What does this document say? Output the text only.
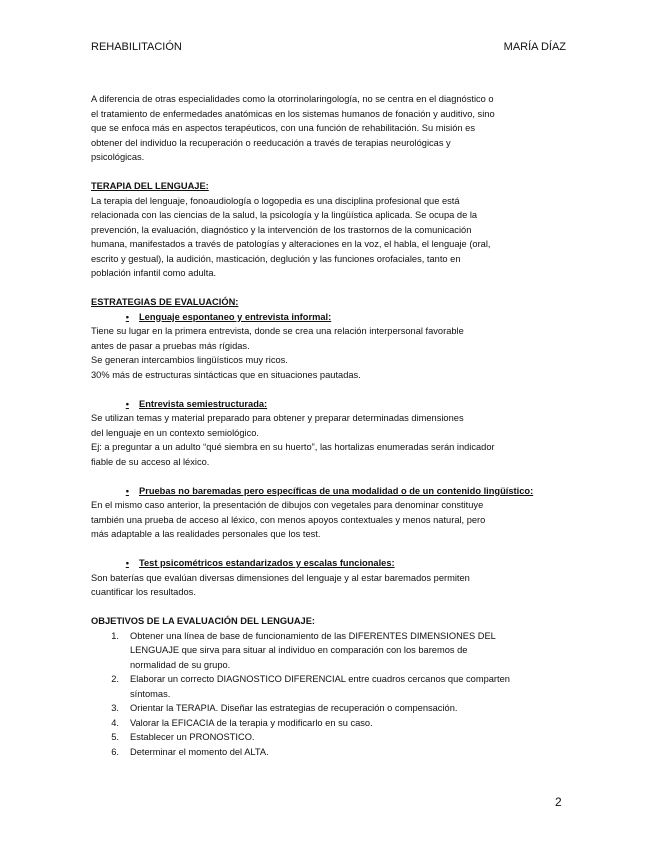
REHABILITACIÓN	MARÍA DÍAZ

A diferencia de otras especialidades como la otorrinolaringología, no se centra en el diagnóstico o

el tratamiento de enfermedades anatómicas en los sistemas humanos de fonación y auditivo, sino

que se enfoca más en aspectos terapéuticos, con una función de rehabilitación. Su misión es

obtener del individuo la recuperación o reeducación a través de terapias neurológicas y

psicológicas.

TERAPIA DEL LENGUAJE:

La terapia del lenguaje, fonoaudiología o logopedia es una disciplina profesional que está

relacionada con las ciencias de la salud, la psicología y la lingüística aplicada. Se ocupa de la

prevención, la evaluación, diagnóstico y la intervención de los trastornos de la comunicación

humana, manifestados a través de patologías y alteraciones en la voz, el habla, el lenguaje (oral,

escrito y gestual), la audición, masticación, deglución y las funciones orofaciales, tanto en

población infantil como adulta.

ESTRATEGIAS DE EVALUACIÓN:

•	Lenguaje espontaneo y entrevista informal:

Tiene su lugar en la primera entrevista, donde se crea una relación interpersonal favorable

antes de pasar a pruebas más rígidas.

Se generan intercambios lingüísticos muy ricos.

30% más de estructuras sintácticas que en situaciones pautadas.

•	Entrevista semiestructurada:

Se utilizan temas y material preparado para obtener y preparar determinadas dimensiones

del lenguaje en un contexto semiológico.

Ej: a preguntar a un adulto “qué siembra en su huerto”, las hortalizas enumeradas serán indicador

fiable de su acceso al léxico.

•	Pruebas no baremadas pero específicas de una modalidad o de un contenido lingüístico:

En el mismo caso anterior, la presentación de dibujos con vegetales para denominar constituye

también una prueba de acceso al léxico, con menos apoyos contextuales y menos natural, pero

más adaptable a las realidades personales que los test.

•	Test psicométricos estandarizados y escalas funcionales:

Son baterías que evalúan diversas dimensiones del lenguaje y al estar baremados permiten

cuantificar los resultados.

OBJETIVOS DE LA EVALUACIÓN DEL LENGUAJE:

1.	Obtener una línea de base de funcionamiento de las DIFERENTES DIMENSIONES DEL

LENGUAJE que sirva para situar al individuo en comparación con los baremos de

normalidad de su grupo.

2.	Elaborar un correcto DIAGNOSTICO DIFERENCIAL entre cuadros cercanos que comparten

síntomas.

3.	Orientar la TERAPIA. Diseñar las estrategias de recuperación o compensación.

4.	Valorar la EFICACIA de la terapia y modificarlo en su caso.

5.	Establecer un PRONOSTICO.

6.	Determinar el momento del ALTA.

2
